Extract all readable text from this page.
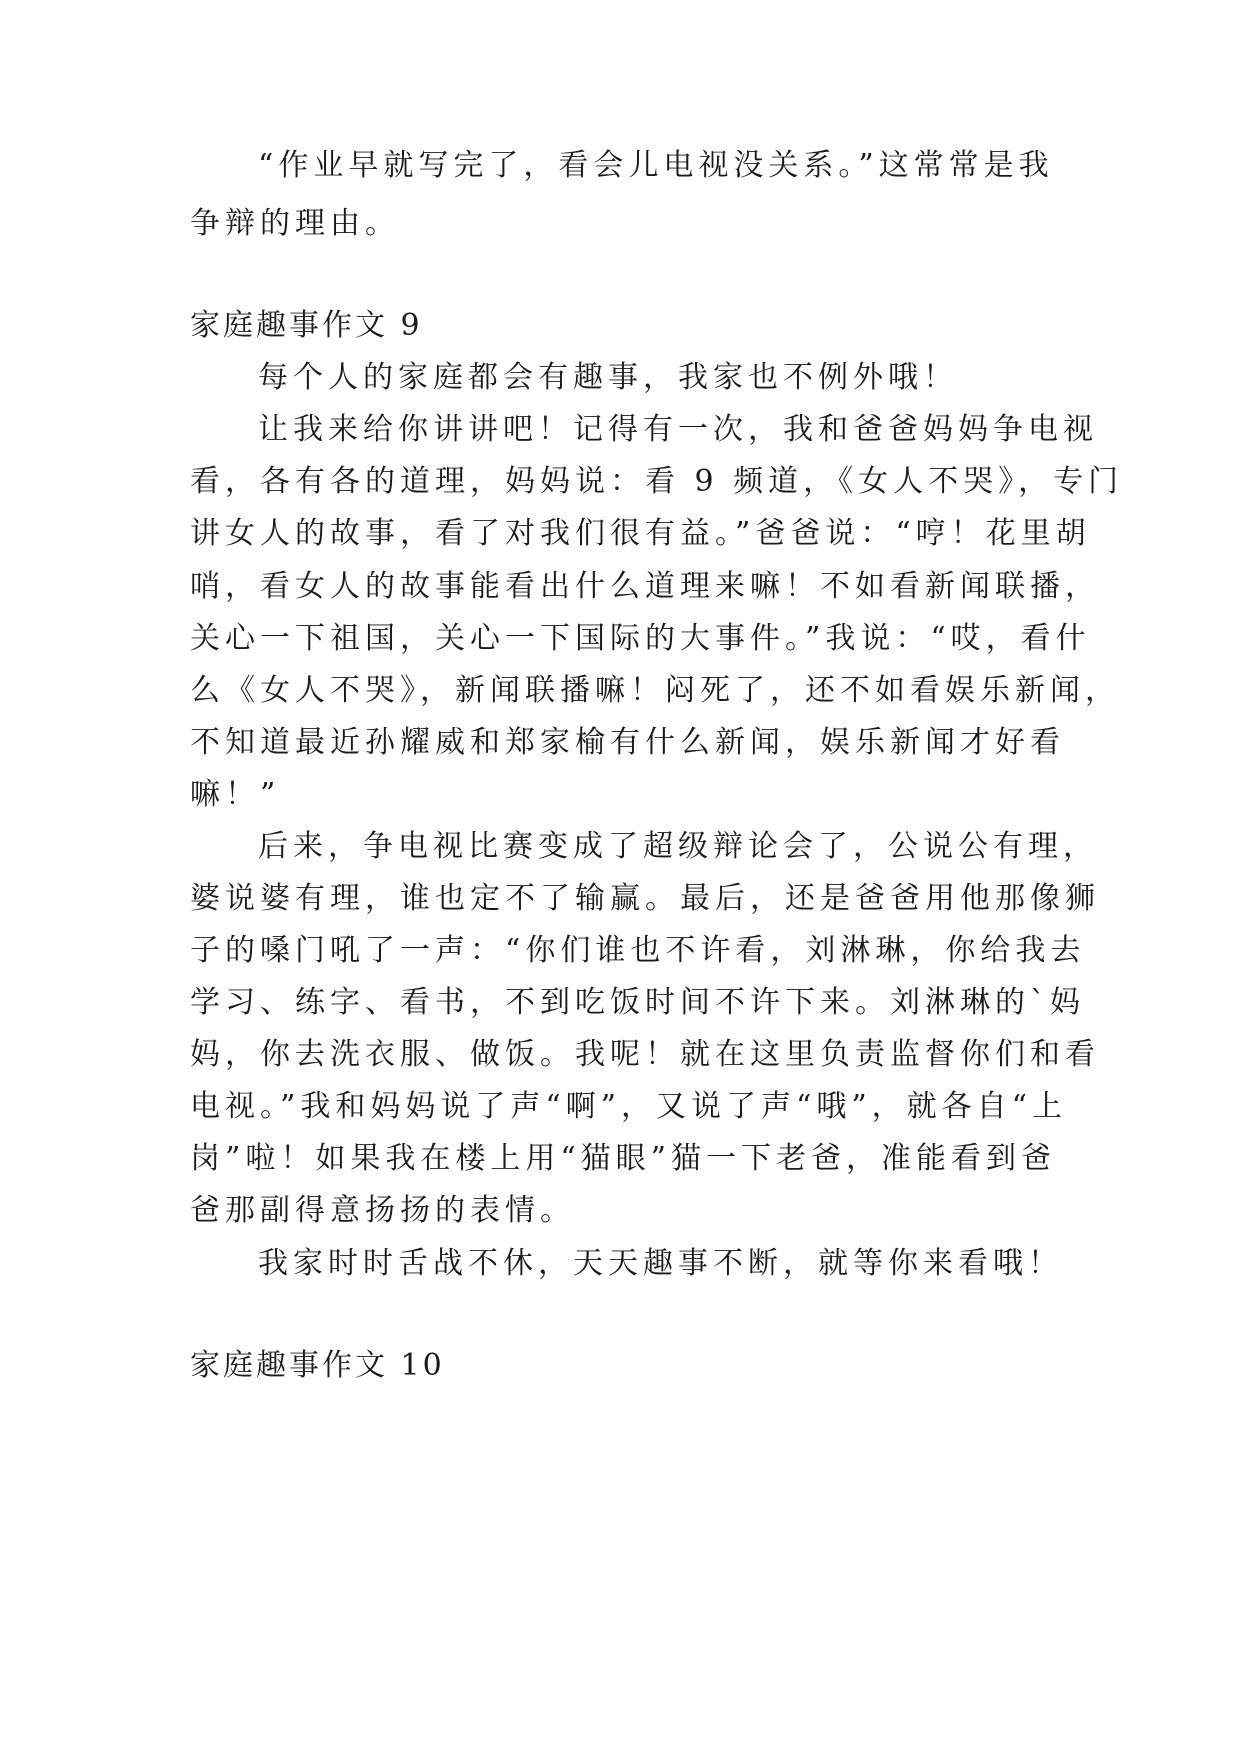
“作业早就写完了，看会儿电视没关系。”这常常是我
争辩的理由。
家庭趣事作文 9
每个人的家庭都会有趣事，我家也不例外哦！
让我来给你讲讲吧！记得有一次，我和爸爸妈妈争电视
看，各有各的道理，妈妈说：看 9 频道，《女人不哭》，专门
讲女人的故事，看了对我们很有益。”爸爸说：“哼！花里胡
哨，看女人的故事能看出什么道理来嘛！不如看新闻联播，
关心一下祖国，关心一下国际的大事件。”我说：“哎，看什
么《女人不哭》，新闻联播嘛！闷死了，还不如看娱乐新闻，
不知道最近孙耀威和郑家榆有什么新闻，娱乐新闻才好看
嘛！”
后来，争电视比赛变成了超级辩论会了，公说公有理，
婆说婆有理，谁也定不了输赢。最后，还是爸爸用他那像狮
子的嗓门吼了一声：“你们谁也不许看，刘淋琳，你给我去
学习、练字、看书，不到吃饭时间不许下来。刘淋琳的`妈
妈，你去洗衣服、做饭。我呢！就在这里负责监督你们和看
电视。”我和妈妈说了声“啊”，又说了声“哦”，就各自“上
岗”啦！如果我在楼上用“猫眼”猫一下老爸，准能看到爸
爸那副得意扬扬的表情。
我家时时舌战不休，天天趣事不断，就等你来看哦！
家庭趣事作文 10
